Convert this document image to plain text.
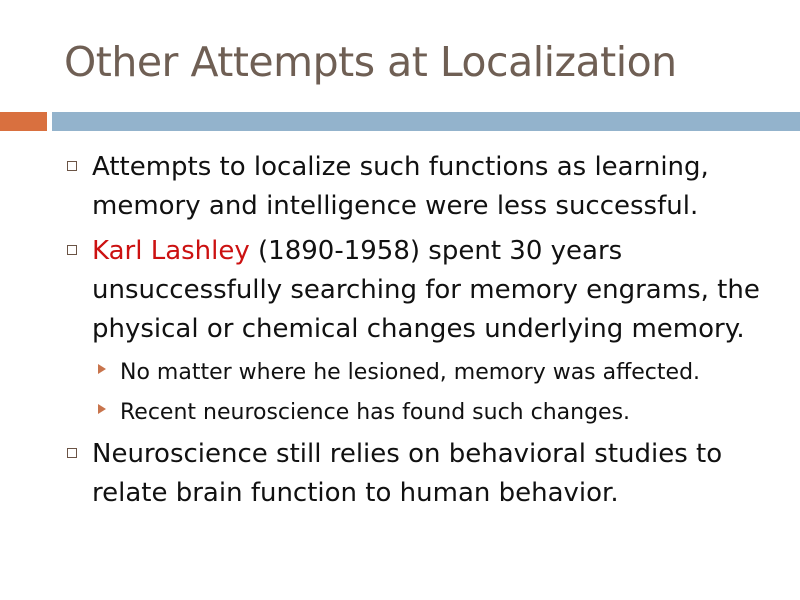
Other Attempts at Localization
Attempts to localize such functions as learning, memory and intelligence were less successful.
Karl Lashley (1890-1958) spent 30 years unsuccessfully searching for memory engrams, the physical or chemical changes underlying memory.
No matter where he lesioned, memory was affected.
Recent neuroscience has found such changes.
Neuroscience still relies on behavioral studies to relate brain function to human behavior.
